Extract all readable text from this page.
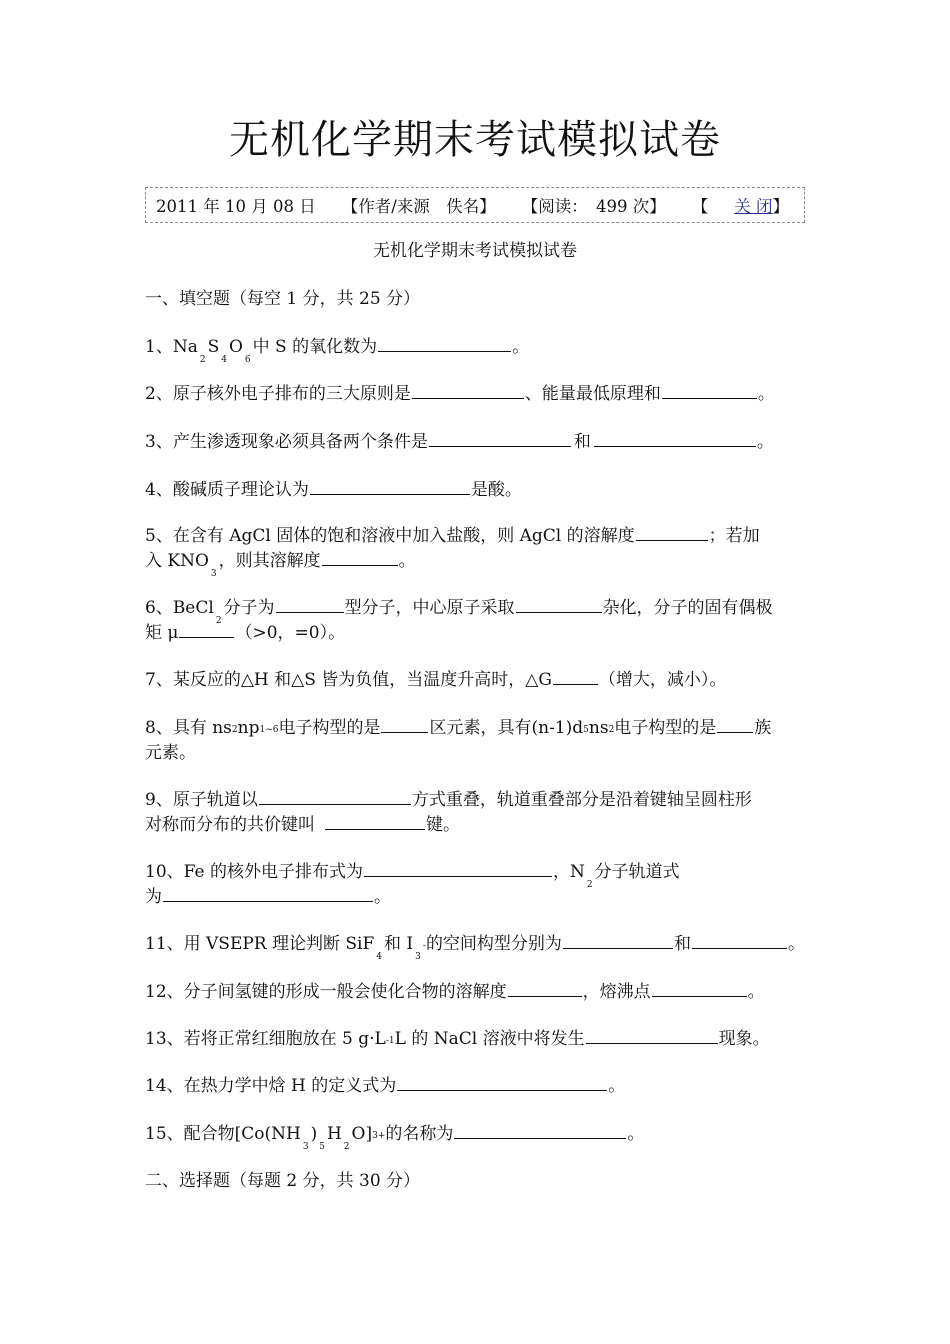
无机化学期末考试模拟试卷
2011 年 10 月 08 日 【作者/来源　佚名】 【阅读：　499 次】 【 关 闭】
无机化学期末考试模拟试卷
一、填空题（每空 1 分，共 25 分）
1、$Na_2S_4O_6$中 S 的氧化数为	。
2、原子核外电子排布的三大原则是	、能量最低原理和	。
3、产生渗透现象必须具备两个条件是	和	。
4、酸碱质子理论认为	是酸。
5、在含有 AgCl 固体的饱和溶液中加入盐酸，则 AgCl 的溶解度	；若加
入 $KNO_3$，则其溶解度	。
6、BeCl$_2$分子为	型分子，中心原子采取	杂化，分子的固有偶极
矩 μ	（>0，=0）。
7、某反应的△H 和△S 皆为负值，当温度升高时，△G	（增大，减小）。
8、具有 ns2np1~6电子构型的是	区元素，具有(n-1)d5ns2电子构型的是 族
元素。
9、原子轨道以	方式重叠，轨道重叠部分是沿着键轴呈圆柱形
对称而分布的共价键叫	键。
10、Fe 的核外电子排布式为	，$N_2$分子轨道式
为	。
11、用 VSEPR 理论判断 SiF$_4$和 $I_3-$的空间构型分别为	和	。
12、分子间氢键的形成一般会使化合物的溶解度	，熔沸点	。
13、若将正常红细胞放在 5 g·L-1L 的 NaCl 溶液中将发生	现象。
14、在热力学中焓 H 的定义式为	。
15、配合物$[Co(NH_3)_5H_2O]3+$的名称为	。
二、选择题（每题 2 分，共 30 分）
